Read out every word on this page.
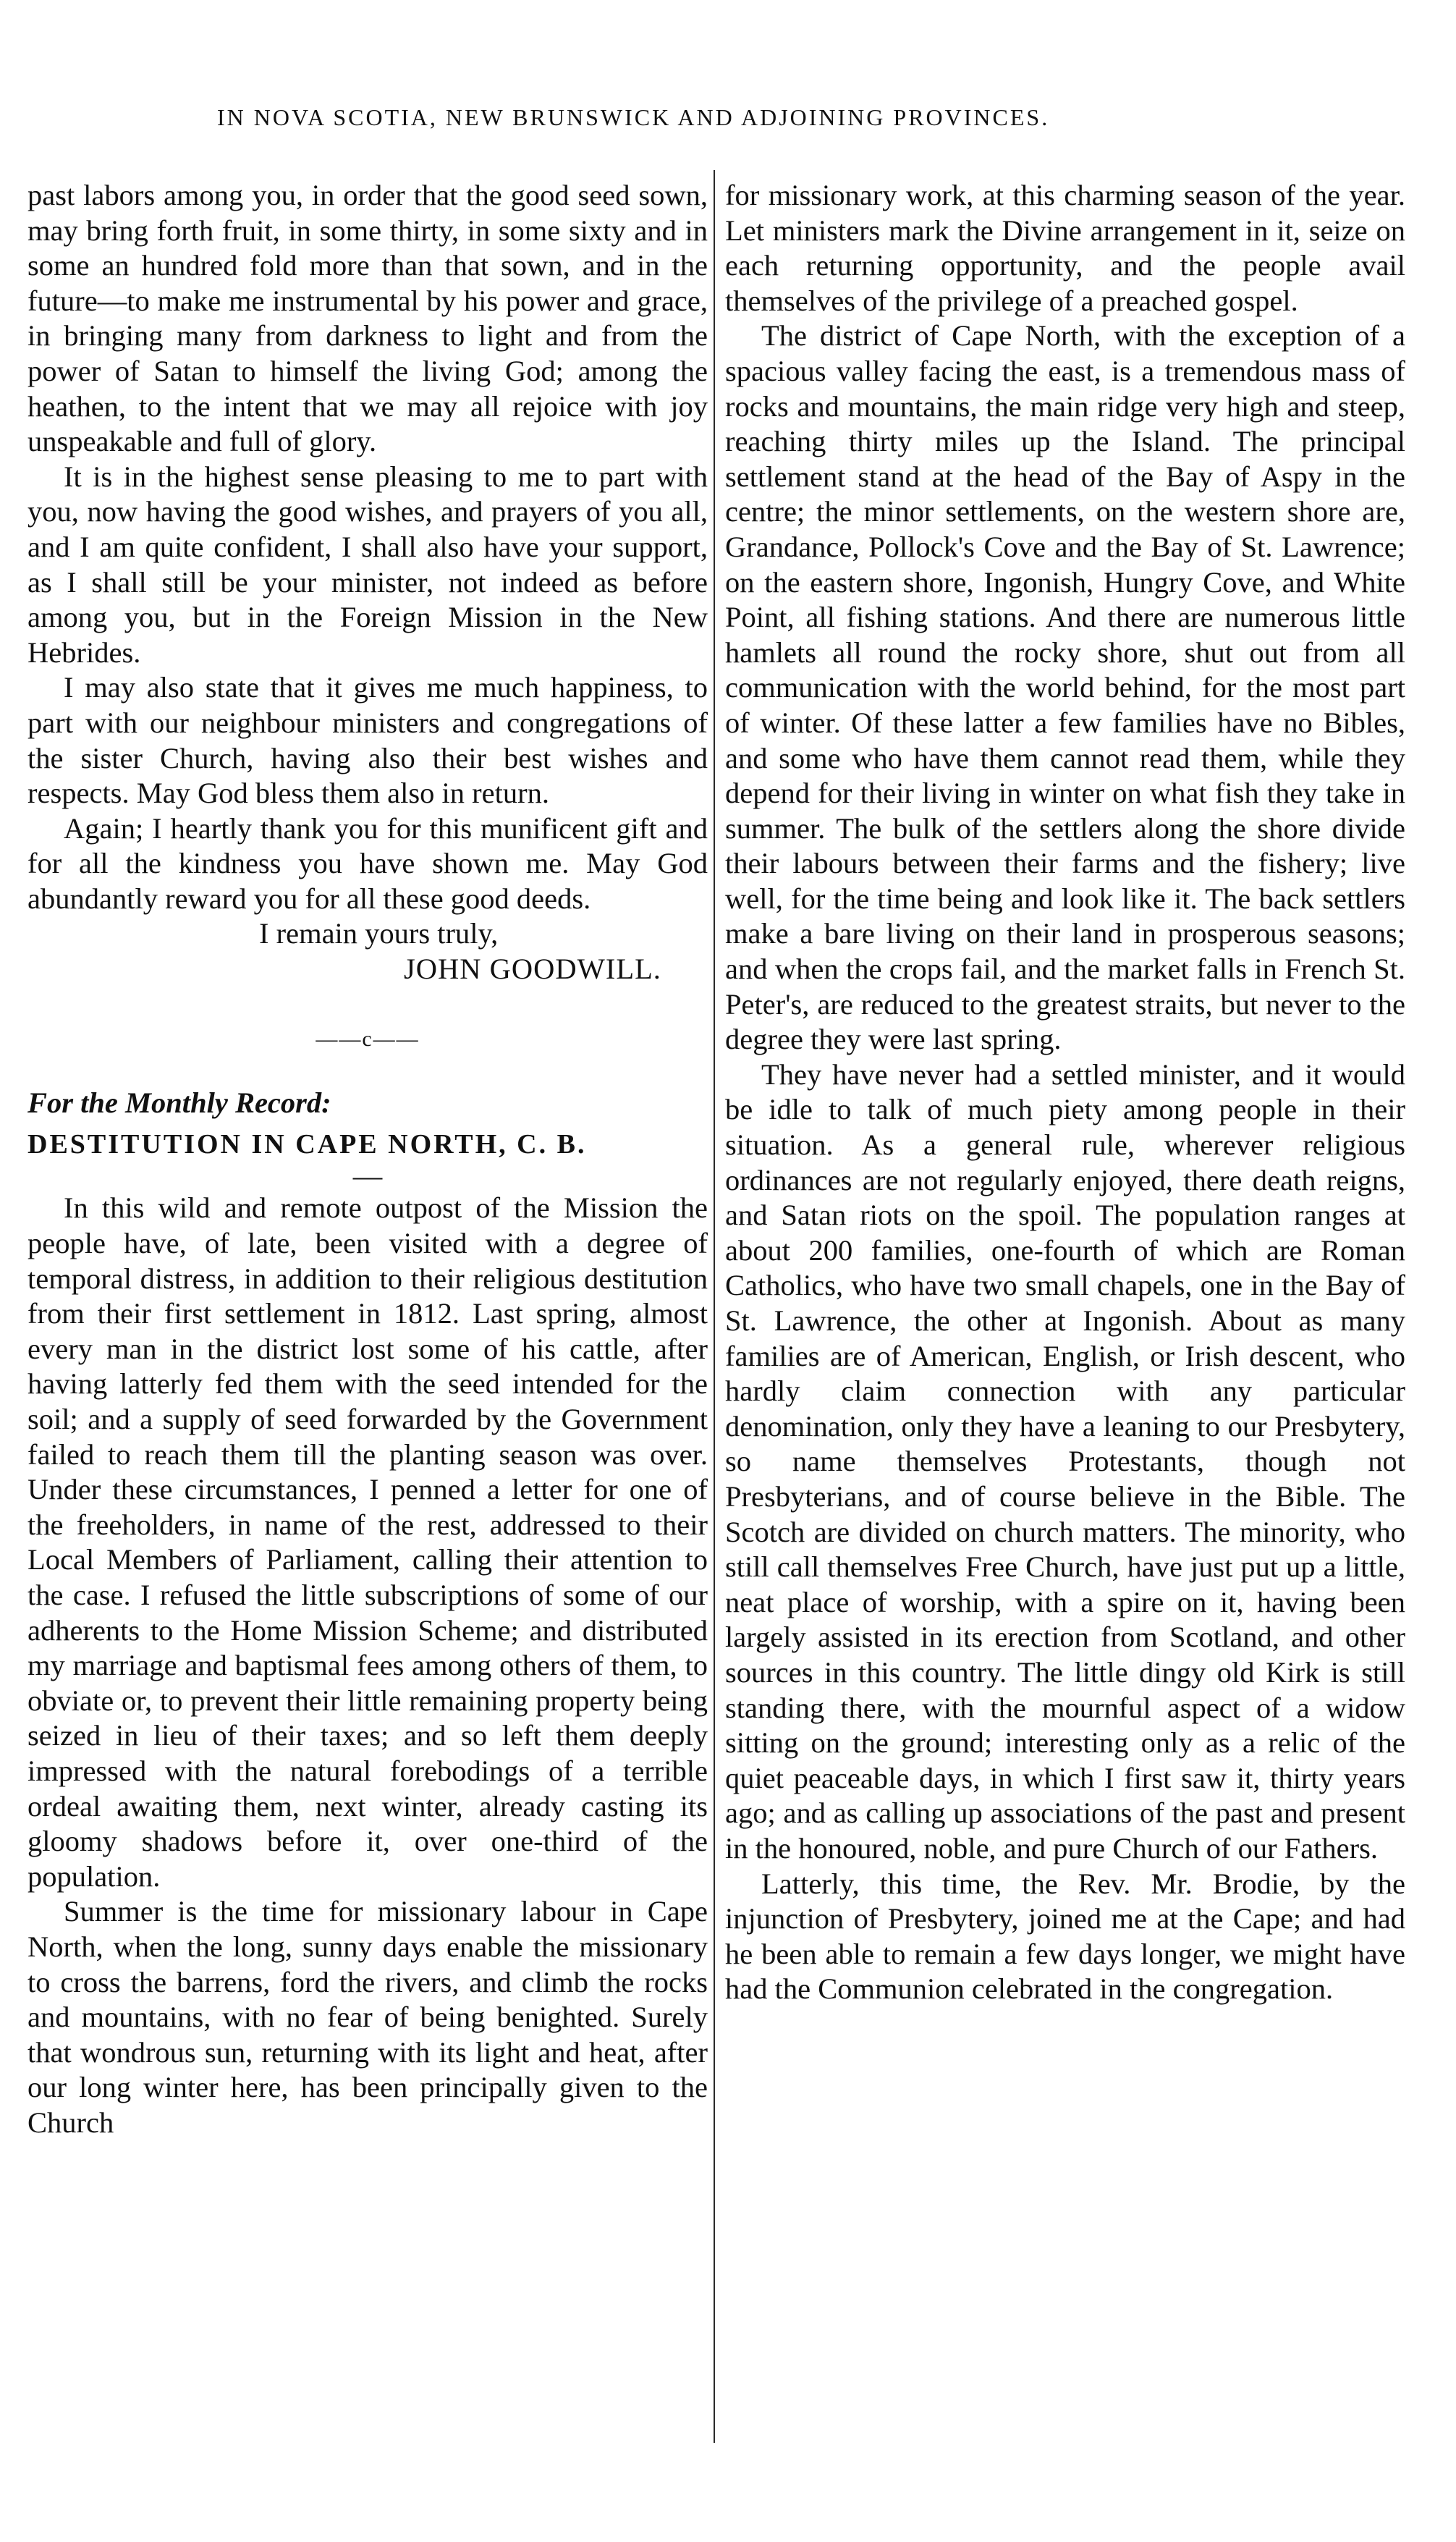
IN NOVA SCOTIA, NEW BRUNSWICK AND ADJOINING PROVINCES.

past labors among you, in order that the good seed sown, may bring forth fruit, in some thirty, in some sixty and in some an hundred fold more than that sown, and in the future—to make me instrumental by his power and grace, in bringing many from darkness to light and from the power of Satan to himself the living God; among the heathen, to the intent that we may all rejoice with joy unspeakable and full of glory.

It is in the highest sense pleasing to me to part with you, now having the good wishes, and prayers of you all, and I am quite confident, I shall also have your support, as I shall still be your minister, not indeed as before among you, but in the Foreign Mission in the New Hebrides.

I may also state that it gives me much happiness, to part with our neighbour ministers and congregations of the sister Church, having also their best wishes and respects. May God bless them also in return.

Again; I heartly thank you for this munificent gift and for all the kindness you have shown me. May God abundantly reward you for all these good deeds.

I remain yours truly,

JOHN GOODWILL.

——c——

For the Monthly Record:

DESTITUTION IN CAPE NORTH, C. B.

—

In this wild and remote outpost of the Mission the people have, of late, been visited with a degree of temporal distress, in addition to their religious destitution from their first settlement in 1812. Last spring, almost every man in the district lost some of his cattle, after having latterly fed them with the seed intended for the soil; and a supply of seed forwarded by the Government failed to reach them till the planting season was over. Under these circumstances, I penned a letter for one of the freeholders, in name of the rest, addressed to their Local Members of Parliament, calling their attention to the case. I refused the little subscriptions of some of our adherents to the Home Mission Scheme; and distributed my marriage and baptismal fees among others of them, to obviate or, to prevent their little remaining property being seized in lieu of their taxes; and so left them deeply impressed with the natural forebodings of a terrible ordeal awaiting them, next winter, already casting its gloomy shadows before it, over one-third of the population.

Summer is the time for missionary labour in Cape North, when the long, sunny days enable the missionary to cross the barrens, ford the rivers, and climb the rocks and mountains, with no fear of being benighted. Surely that wondrous sun, returning with its light and heat, after our long winter here, has been principally given to the Church

for missionary work, at this charming season of the year. Let ministers mark the Divine arrangement in it, seize on each returning opportunity, and the people avail themselves of the privilege of a preached gospel.

The district of Cape North, with the exception of a spacious valley facing the east, is a tremendous mass of rocks and mountains, the main ridge very high and steep, reaching thirty miles up the Island. The principal settlement stand at the head of the Bay of Aspy in the centre; the minor settlements, on the western shore are, Grandance, Pollock's Cove and the Bay of St. Lawrence; on the eastern shore, Ingonish, Hungry Cove, and White Point, all fishing stations. And there are numerous little hamlets all round the rocky shore, shut out from all communication with the world behind, for the most part of winter. Of these latter a few families have no Bibles, and some who have them cannot read them, while they depend for their living in winter on what fish they take in summer. The bulk of the settlers along the shore divide their labours between their farms and the fishery; live well, for the time being and look like it. The back settlers make a bare living on their land in prosperous seasons; and when the crops fail, and the market falls in French St. Peter's, are reduced to the greatest straits, but never to the degree they were last spring.

They have never had a settled minister, and it would be idle to talk of much piety among people in their situation. As a general rule, wherever religious ordinances are not regularly enjoyed, there death reigns, and Satan riots on the spoil. The population ranges at about 200 families, one-fourth of which are Roman Catholics, who have two small chapels, one in the Bay of St. Lawrence, the other at Ingonish. About as many families are of American, English, or Irish descent, who hardly claim connection with any particular denomination, only they have a leaning to our Presbytery, so name themselves Protestants, though not Presbyterians, and of course believe in the Bible. The Scotch are divided on church matters. The minority, who still call themselves Free Church, have just put up a little, neat place of worship, with a spire on it, having been largely assisted in its erection from Scotland, and other sources in this country. The little dingy old Kirk is still standing there, with the mournful aspect of a widow sitting on the ground; interesting only as a relic of the quiet peaceable days, in which I first saw it, thirty years ago; and as calling up associations of the past and present in the honoured, noble, and pure Church of our Fathers.

Latterly, this time, the Rev. Mr. Brodie, by the injunction of Presbytery, joined me at the Cape; and had he been able to remain a few days longer, we might have had the Communion celebrated in the congregation.
